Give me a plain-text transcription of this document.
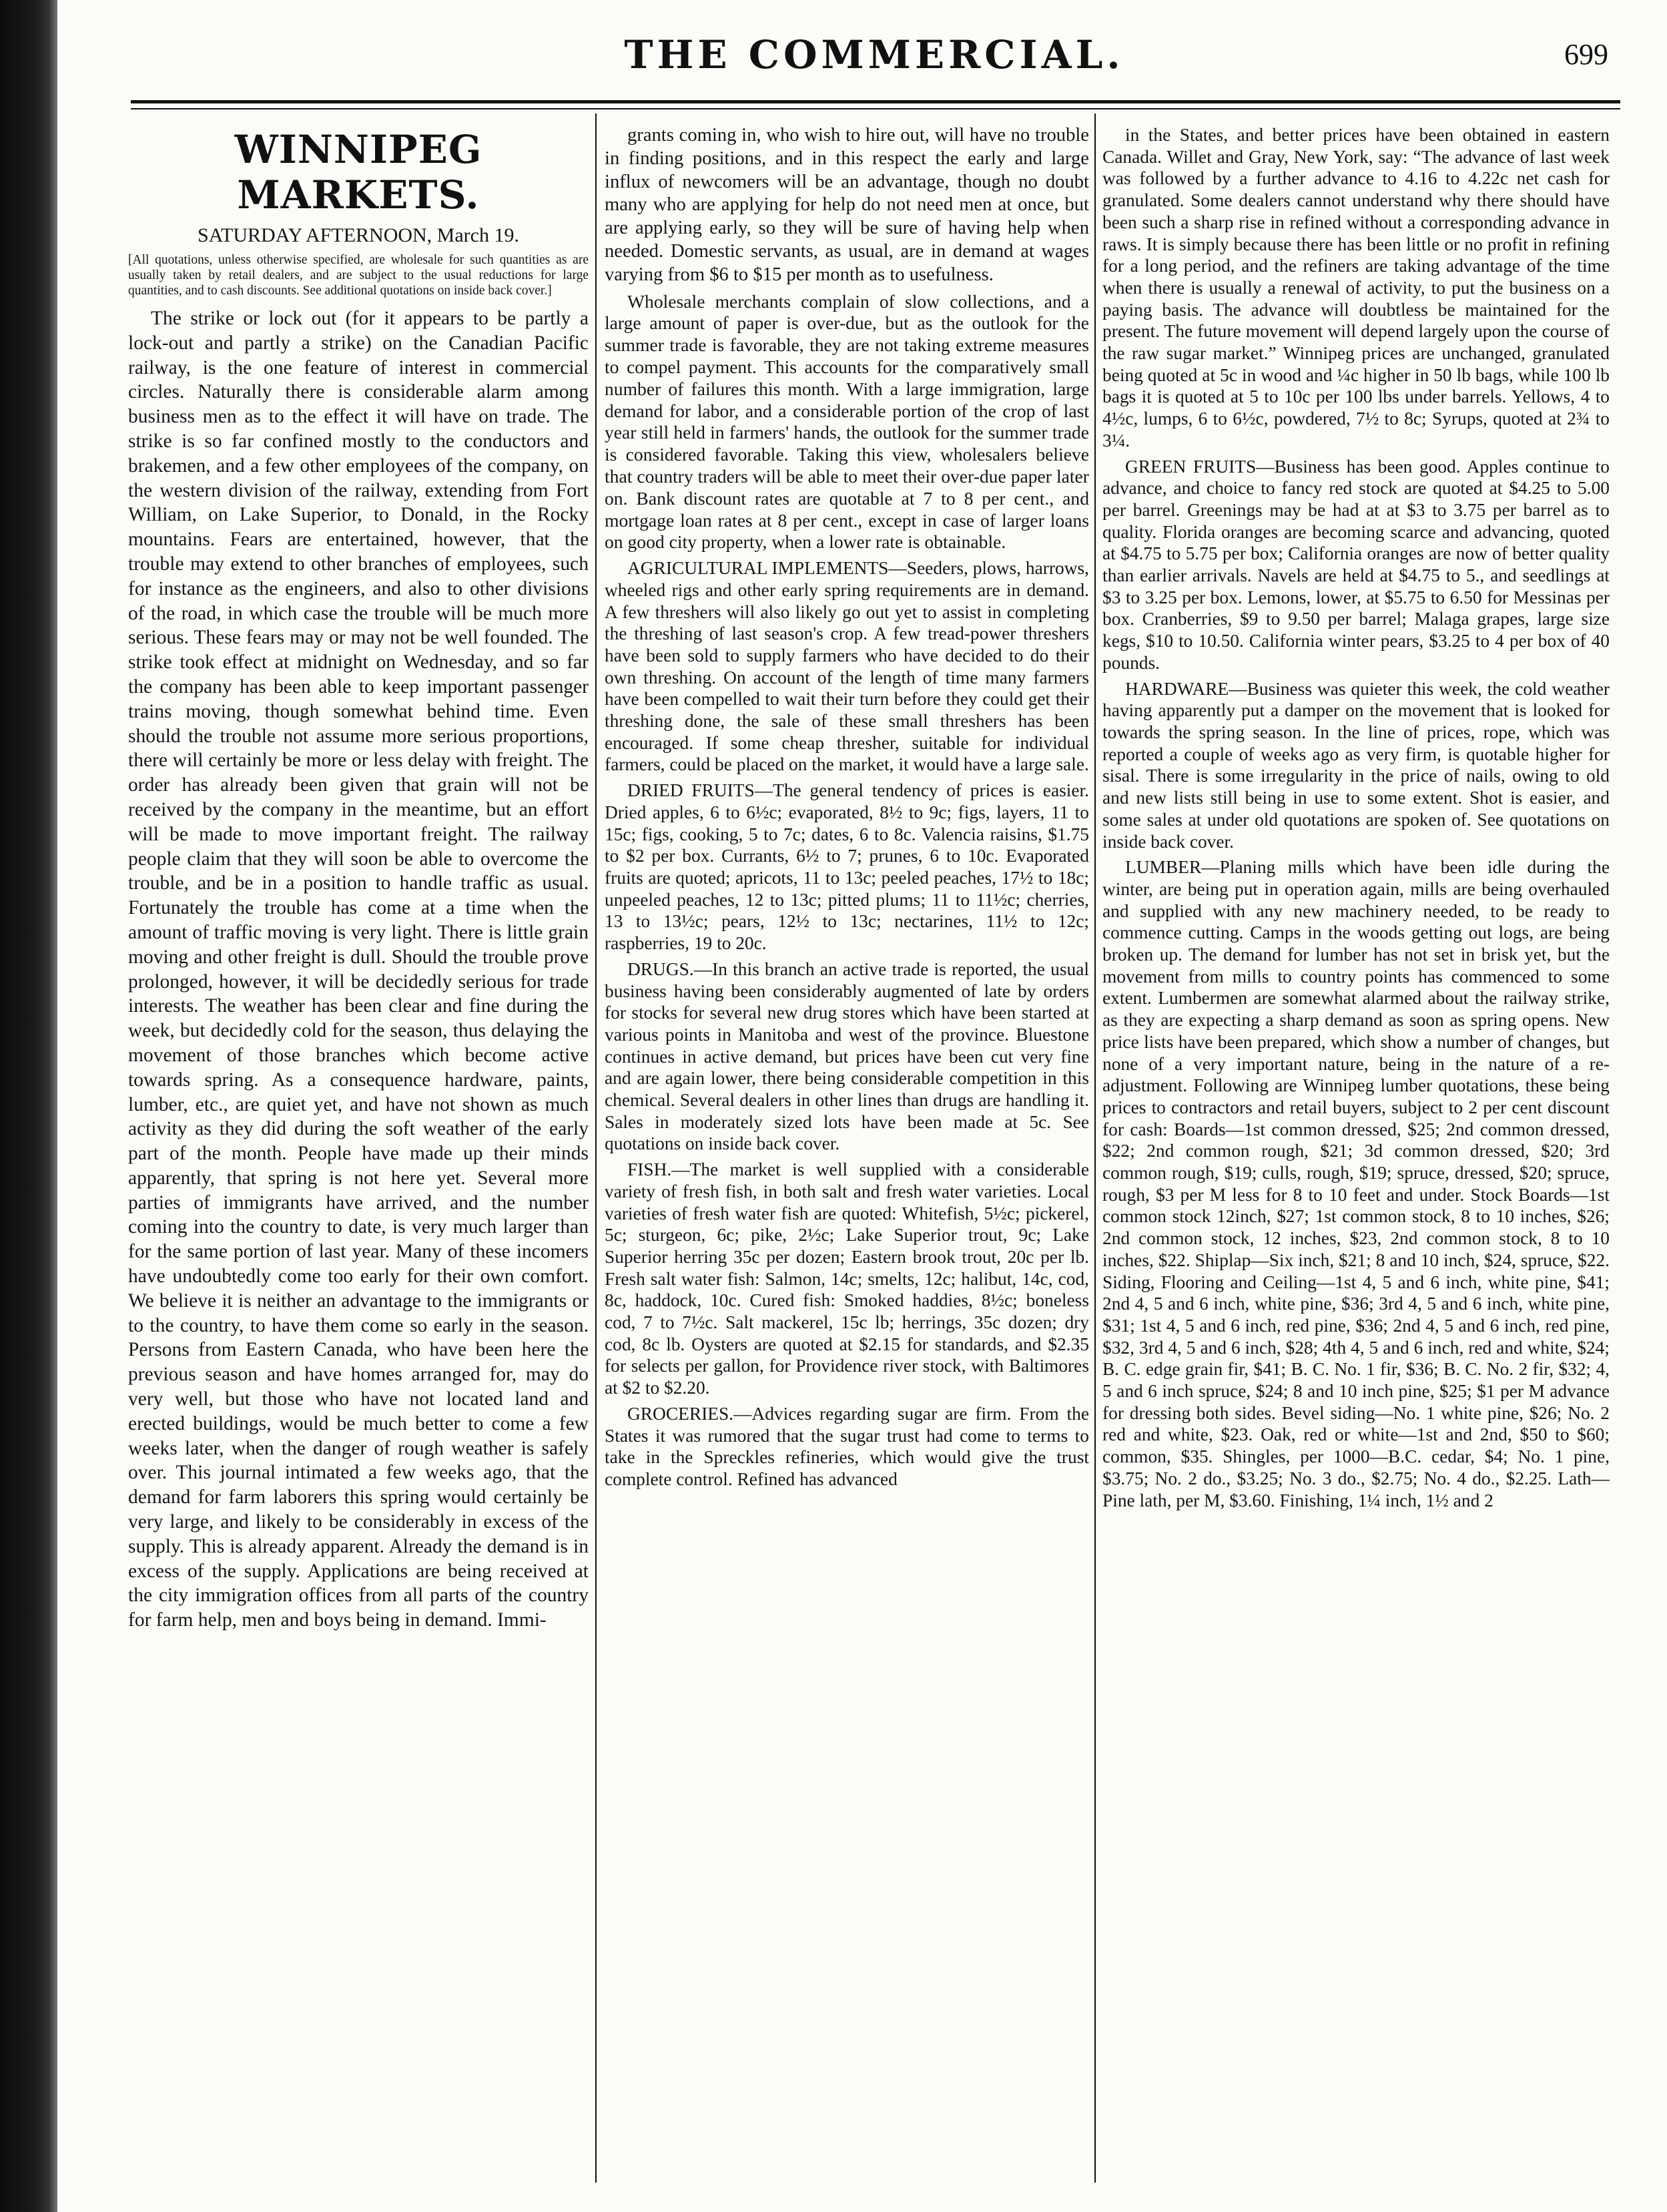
THE COMMERCIAL.	699
WINNIPEG MARKETS.
SATURDAY AFTERNOON, March 19.
[All quotations, unless otherwise specified, are wholesale for such quantities as are usually taken by retail dealers, and are subject to the usual reductions for large quantities, and to cash discounts. See additional quotations on inside back cover.]

The strike or lock out (for it appears to be partly a lock-out and partly a strike) on the Canadian Pacific railway, is the one feature of interest in commercial circles. Naturally there is considerable alarm among business men as to the effect it will have on trade. The strike is so far confined mostly to the conductors and brakemen, and a few other employees of the company, on the western division of the railway, extending from Fort William, on Lake Superior, to Donald, in the Rocky mountains. Fears are entertained, however, that the trouble may extend to other branches of employees, such for instance as the engineers, and also to other divisions of the road, in which case the trouble will be much more serious. These fears may or may not be well founded. The strike took effect at midnight on Wednesday, and so far the company has been able to keep important passenger trains moving, though somewhat behind time. Even should the trouble not assume more serious proportions, there will certainly be more or less delay with freight. The order has already been given that grain will not be received by the company in the meantime, but an effort will be made to move important freight. The railway people claim that they will soon be able to overcome the trouble, and be in a position to handle traffic as usual. Fortunately the trouble has come at a time when the amount of traffic moving is very light. There is little grain moving and other freight is dull. Should the trouble prove prolonged, however, it will be decidedly serious for trade interests. The weather has been clear and fine during the week, but decidedly cold for the season, thus delaying the movement of those branches which become active towards spring. As a consequence hardware, paints, lumber, etc., are quiet yet, and have not shown as much activity as they did during the soft weather of the early part of the month. People have made up their minds apparently, that spring is not here yet. Several more parties of immigrants have arrived, and the number coming into the country to date, is very much larger than for the same portion of last year. Many of these incomers have undoubtedly come too early for their own comfort. We believe it is neither an advantage to the immigrants or to the country, to have them come so early in the season. Persons from Eastern Canada, who have been here the previous season and have homes arranged for, may do very well, but those who have not located land and erected buildings, would be much better to come a few weeks later, when the danger of rough weather is safely over. This journal intimated a few weeks ago, that the demand for farm laborers this spring would certainly be very large, and likely to be considerably in excess of the supply. This is already apparent. Already the demand is in excess of the supply. Applications are being received at the city immigration offices from all parts of the country for farm help, men and boys being in demand. Immi-

grants coming in, who wish to hire out, will have no trouble in finding positions, and in this respect the early and large influx of newcomers will be an advantage, though no doubt many who are applying for help do not need men at once, but are applying early, so they will be sure of having help when needed. Domestic servants, as usual, are in demand at wages varying from $6 to $15 per month as to usefulness.

Wholesale merchants complain of slow collections, and a large amount of paper is over-due, but as the outlook for the summer trade is favorable, they are not taking extreme measures to compel payment. This accounts for the comparatively small number of failures this month. With a large immigration, large demand for labor, and a considerable portion of the crop of last year still held in farmers' hands, the outlook for the summer trade is considered favorable. Taking this view, wholesalers believe that country traders will be able to meet their over-due paper later on. Bank discount rates are quotable at 7 to 8 per cent., and mortgage loan rates at 8 per cent., except in case of larger loans on good city property, when a lower rate is obtainable.

AGRICULTURAL IMPLEMENTS—Seeders, plows, harrows, wheeled rigs and other early spring requirements are in demand. A few threshers will also likely go out yet to assist in completing the threshing of last season's crop. A few tread-power threshers have been sold to supply farmers who have decided to do their own threshing. On account of the length of time many farmers have been compelled to wait their turn before they could get their threshing done, the sale of these small threshers has been encouraged. If some cheap thresher, suitable for individual farmers, could be placed on the market, it would have a large sale.

DRIED FRUITS—The general tendency of prices is easier. Dried apples, 6 to 6½c; evaporated, 8½ to 9c; figs, layers, 11 to 15c; figs, cooking, 5 to 7c; dates, 6 to 8c. Valencia raisins, $1.75 to $2 per box. Currants, 6½ to 7; prunes, 6 to 10c. Evaporated fruits are quoted; apricots, 11 to 13c; peeled peaches, 17½ to 18c; unpeeled peaches, 12 to 13c; pitted plums; 11 to 11½c; cherries, 13 to 13½c; pears, 12½ to 13c; nectarines, 11½ to 12c; raspberries, 19 to 20c.

DRUGS.—In this branch an active trade is reported, the usual business having been considerably augmented of late by orders for stocks for several new drug stores which have been started at various points in Manitoba and west of the province. Bluestone continues in active demand, but prices have been cut very fine and are again lower, there being considerable competition in this chemical. Several dealers in other lines than drugs are handling it. Sales in moderately sized lots have been made at 5c. See quotations on inside back cover.

FISH.—The market is well supplied with a considerable variety of fresh fish, in both salt and fresh water varieties. Local varieties of fresh water fish are quoted: Whitefish, 5½c; pickerel, 5c; sturgeon, 6c; pike, 2½c; Lake Superior trout, 9c; Lake Superior herring 35c per dozen; Eastern brook trout, 20c per lb. Fresh salt water fish: Salmon, 14c; smelts, 12c; halibut, 14c, cod, 8c, haddock, 10c. Cured fish: Smoked haddies, 8½c; boneless cod, 7 to 7½c. Salt mackerel, 15c lb; herrings, 35c dozen; dry cod, 8c lb. Oysters are quoted at $2.15 for standards, and $2.35 for selects per gallon, for Providence river stock, with Baltimores at $2 to $2.20.

GROCERIES.—Advices regarding sugar are firm. From the States it was rumored that the sugar trust had come to terms to take in the Spreckles refineries, which would give the trust complete control. Refined has advanced

in the States, and better prices have been obtained in eastern Canada. Willet and Gray, New York, say: “The advance of last week was followed by a further advance to 4.16 to 4.22c net cash for granulated. Some dealers cannot understand why there should have been such a sharp rise in refined without a corresponding advance in raws. It is simply because there has been little or no profit in refining for a long period, and the refiners are taking advantage of the time when there is usually a renewal of activity, to put the business on a paying basis. The advance will doubtless be maintained for the present. The future movement will depend largely upon the course of the raw sugar market.” Winnipeg prices are unchanged, granulated being quoted at 5c in wood and ¼c higher in 50 lb bags, while 100 lb bags it is quoted at 5 to 10c per 100 lbs under barrels. Yellows, 4 to 4½c, lumps, 6 to 6½c, powdered, 7½ to 8c; Syrups, quoted at 2¾ to 3¼.

GREEN FRUITS—Business has been good. Apples continue to advance, and choice to fancy red stock are quoted at $4.25 to 5.00 per barrel. Greenings may be had at at $3 to 3.75 per barrel as to quality. Florida oranges are becoming scarce and advancing, quoted at $4.75 to 5.75 per box; California oranges are now of better quality than earlier arrivals. Navels are held at $4.75 to 5., and seedlings at $3 to 3.25 per box. Lemons, lower, at $5.75 to 6.50 for Messinas per box. Cranberries, $9 to 9.50 per barrel; Malaga grapes, large size kegs, $10 to 10.50. California winter pears, $3.25 to 4 per box of 40 pounds.

HARDWARE—Business was quieter this week, the cold weather having apparently put a damper on the movement that is looked for towards the spring season. In the line of prices, rope, which was reported a couple of weeks ago as very firm, is quotable higher for sisal. There is some irregularity in the price of nails, owing to old and new lists still being in use to some extent. Shot is easier, and some sales at under old quotations are spoken of. See quotations on inside back cover.

LUMBER—Planing mills which have been idle during the winter, are being put in operation again, mills are being overhauled and supplied with any new machinery needed, to be ready to commence cutting. Camps in the woods getting out logs, are being broken up. The demand for lumber has not set in brisk yet, but the movement from mills to country points has commenced to some extent. Lumbermen are somewhat alarmed about the railway strike, as they are expecting a sharp demand as soon as spring opens. New price lists have been prepared, which show a number of changes, but none of a very important nature, being in the nature of a re-adjustment. Following are Winnipeg lumber quotations, these being prices to contractors and retail buyers, subject to 2 per cent discount for cash: Boards—1st common dressed, $25; 2nd common dressed, $22; 2nd common rough, $21; 3d common dressed, $20; 3rd common rough, $19; culls, rough, $19; spruce, dressed, $20; spruce, rough, $3 per M less for 8 to 10 feet and under. Stock Boards—1st common stock 12inch, $27; 1st common stock, 8 to 10 inches, $26; 2nd common stock, 12 inches, $23, 2nd common stock, 8 to 10 inches, $22. Shiplap—Six inch, $21; 8 and 10 inch, $24, spruce, $22. Siding, Flooring and Ceiling—1st 4, 5 and 6 inch, white pine, $41; 2nd 4, 5 and 6 inch, white pine, $36; 3rd 4, 5 and 6 inch, white pine, $31; 1st 4, 5 and 6 inch, red pine, $36; 2nd 4, 5 and 6 inch, red pine, $32, 3rd 4, 5 and 6 inch, $28; 4th 4, 5 and 6 inch, red and white, $24; B. C. edge grain fir, $41; B. C. No. 1 fir, $36; B. C. No. 2 fir, $32; 4, 5 and 6 inch spruce, $24; 8 and 10 inch pine, $25; $1 per M advance for dressing both sides. Bevel siding—No. 1 white pine, $26; No. 2 red and white, $23. Oak, red or white—1st and 2nd, $50 to $60; common, $35. Shingles, per 1000—B.C. cedar, $4; No. 1 pine, $3.75; No. 2 do., $3.25; No. 3 do., $2.75; No. 4 do., $2.25. Lath—Pine lath, per M, $3.60. Finishing, 1¼ inch, 1½ and 2
